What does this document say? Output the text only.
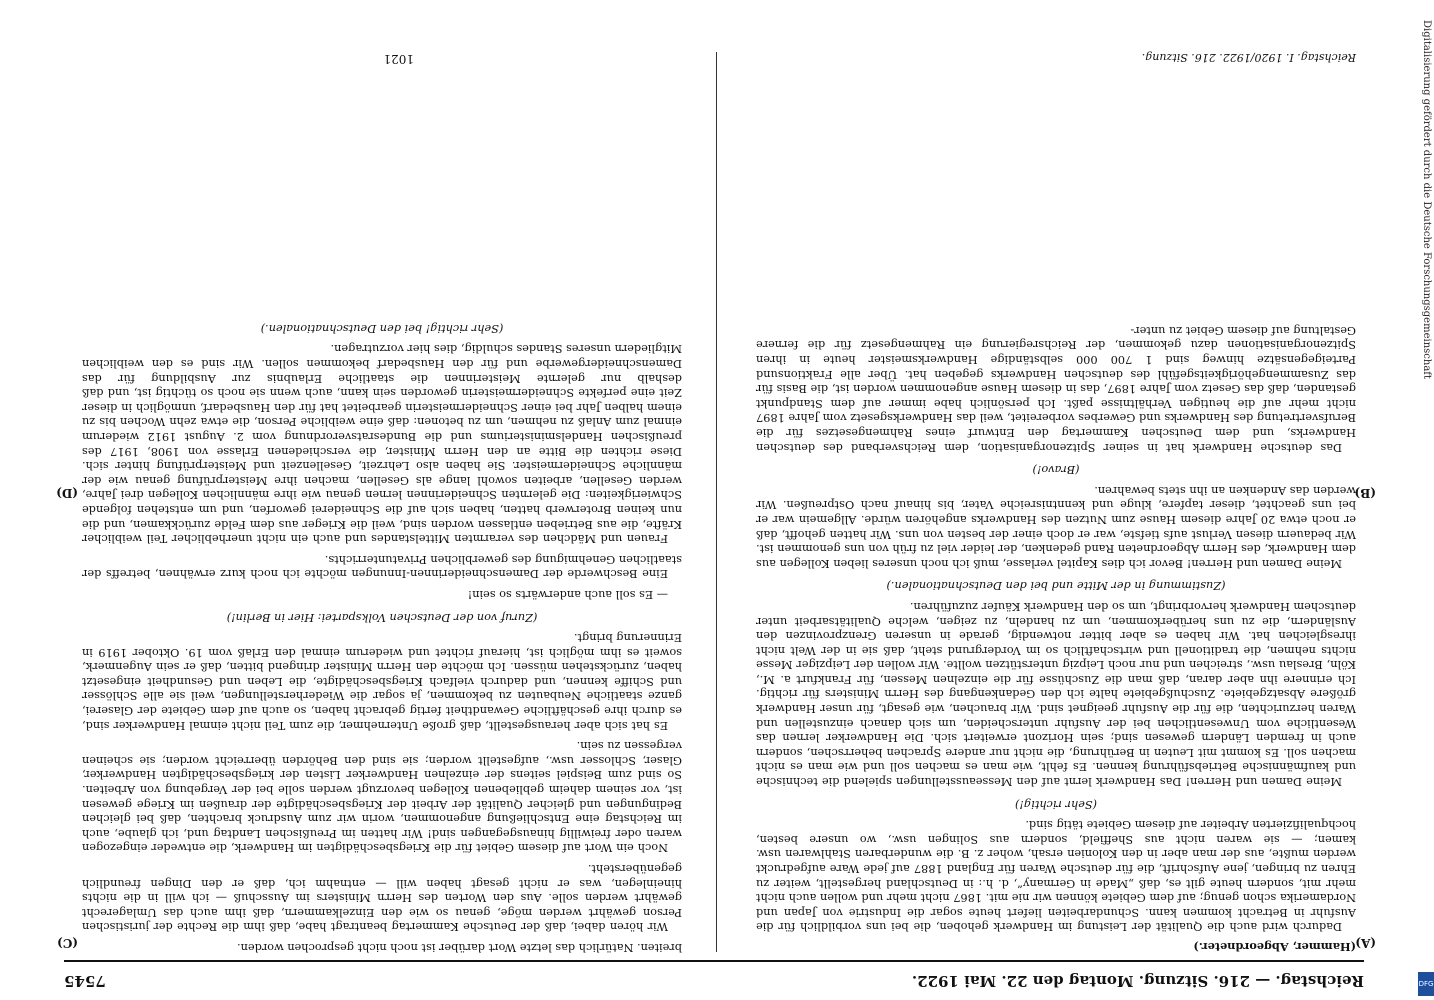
Reichstag. — 216. Sitzung. Montag den 22. Mai 1922.
7545
(A)
(B)
(C)
(D)

(Hammer, Abgeordneter.)

Dadurch wird auch die Qualität der Leistung im Handwerk gehoben, die bei uns vorbildlich für die Ausfuhr in Betracht kommen kann. Schundarbeiten liefert heute sogar die Industrie von Japan und Nordamerika schon genug; auf dem Gebiete können wir nie mit. 1867 nicht mehr und wollen auch nicht mehr mit, sondern heute gilt es, daß „Made in Germany“, d. h.: in Deutschland hergestellt, weiter zu Ehren zu bringen, jene Aufschrift, die für deutsche Waren für England 1887 auf jede Ware aufgedruckt werden mußte, aus der man aber in den Kolonien ersah, woher z. B. die wunderbaren Stahlwaren usw. kamen; — sie waren nicht aus Sheffield, sondern aus Solingen usw., wo unsere besten, hochqualifizierten Arbeiter auf diesem Gebiete tätig sind.

(Sehr richtig!)

Meine Damen und Herren! Das Handwerk lernt auf den Messeausstellungen spielend die technische und kaufmännische Betriebsführung kennen. Es fehlt, wie man es machen soll und wie man es nicht machen soll. Es kommt mit Leuten in Berührung, die nicht nur andere Sprachen beherrschen, sondern auch in fremden Ländern gewesen sind; sein Horizont erweitert sich. Die Handwerker lernen das Wesentliche vom Unwesentlichen bei der Ausfuhr unterscheiden, um sich danach einzustellen und Waren herzurichten, die für die Ausfuhr geeignet sind. Wir brauchen, wie gesagt, für unser Handwerk größere Absatzgebiete. Zuschußgebiete halte ich den Gedankengang des Herrn Ministers für richtig. Ich erinnere ihn aber daran, daß man die Zuschüsse für die einzelnen Messen, für Frankfurt a. M., Köln, Breslau usw., streichen und nur noch Leipzig unterstützen wollte. Wir wollen der Leipziger Messe nichts nehmen, die traditionell und wirtschaftlich so im Vordergrund steht, daß sie in der Welt nicht ihresgleichen hat. Wir haben es aber bitter notwendig, gerade in unseren Grenzprovinzen den Ausländern, die zu uns herüberkommen, um zu handeln, zu zeigen, welche Qualitätsarbeit unter deutschem Handwerk hervorbringt, um so den Handwerk Käufer zuzuführen.

(Zustimmung in der Mitte und bei den Deutschnationalen.)

Meine Damen und Herren! Bevor ich dies Kapitel verlasse, muß ich noch unseres lieben Kollegen aus dem Handwerk, des Herrn Abgeordneten Rand gedenken, der leider viel zu früh von uns genommen ist. Wir bedauern diesen Verlust aufs tiefste, war er doch einer der besten von uns. Wir hatten gehofft, daß er noch etwa 20 Jahre diesem Hause zum Nutzen des Handwerks angehören würde. Allgemein war er bei uns geachtet, dieser tapfere, kluge und kenntnisreiche Vater, bis hinauf nach Ostpreußen. Wir werden das Andenken an ihn stets bewahren.

(Bravo!)

Das deutsche Handwerk hat in seiner Spitzenorganisation, dem Reichsverband des deutschen Handwerks, und dem Deutschen Kammertag den Entwurf eines Rahmengesetzes für die Berufsvertretung des Handwerks und Gewerbes vorbereitet, weil das Handwerksgesetz vom Jahre 1897 nicht mehr auf die heutigen Verhältnisse paßt. Ich persönlich habe immer auf dem Standpunkt gestanden, daß das Gesetz vom Jahre 1897, das in diesem Hause angenommen worden ist, die Basis für das Zusammengehörigkeitsgefühl des deutschen Handwerks gegeben hat. Über alle Fraktionsund Parteigegensätze hinweg sind 1 700 000 selbständige Handwerksmeister heute in ihren Spitzenorganisationen dazu gekommen, der Reichsregierung ein Rahmengesetz für die fernere Gestaltung auf diesem Gebiet zu unter-

breiten. Natürlich das letzte Wort darüber ist noch nicht gesprochen worden.

Wir hören dabei, daß der Deutsche Kammertag beantragt habe, daß ihm die Rechte der juristischen Person gewährt werden möge, genau so wie den Einzelkammern, daß ihm auch das Umlagerecht gewährt werden solle. Aus den Worten des Herrn Ministers im Ausschuß — ich will in die nichts hineinlegen, was er nicht gesagt haben will — entnahm ich, daß er den Dingen freundlich gegenübersteht.

Noch ein Wort auf diesem Gebiet für die Kriegsbeschädigten im Handwerk, die entweder eingezogen waren oder freiwillig hinausgegangen sind! Wir hatten im Preußischen Landtag und, ich glaube, auch im Reichstag eine Entschließung angenommen, worin wir zum Ausdruck brachten, daß bei gleichen Bedingungen und gleicher Qualität der Arbeit der Kriegsbeschädigte der draußen im Kriege gewesen ist, vor seinem daheim gebliebenen Kollegen bevorzugt werden solle bei der Vergebung von Arbeiten. So sind zum Beispiel seitens der einzelnen Handwerker Listen der kriegsbeschädigten Handwerker, Glaser, Schlosser usw., aufgestellt worden; sie sind den Behörden überreicht worden; sie scheinen vergessen zu sein.

Es hat sich aber herausgestellt, daß große Unternehmer, die zum Teil nicht einmal Handwerker sind, es durch ihre geschäftliche Gewandtheit fertig gebracht haben, so auch auf dem Gebiete der Glaserei, ganze staatliche Neubauten zu bekommen, ja sogar die Wiederherstellungen, weil sie alle Schlösser und Schiffe kennen, und dadurch vielfach Kriegsbeschädigte, die Leben und Gesundheit eingesetzt haben, zurückstehen müssen. Ich möchte den Herrn Minister dringend bitten, daß er sein Augenmerk, soweit es ihm möglich ist, hierauf richtet und wiederum einmal den Erlaß vom 19. Oktober 1919 in Erinnerung bringt.

(Zuruf von der Deutschen Volkspartei: Hier in Berlin!)

— Es soll auch anderwärts so sein!

Eine Beschwerde der Damenschneiderinnen-Innungen möchte ich noch kurz erwähnen, betreffs der staatlichen Genehmigung des gewerblichen Privatunterrichts.

Frauen und Mädchen des verarmten Mittelstandes und auch ein nicht unerheblicher Teil weiblicher Kräfte, die aus Betrieben entlassen worden sind, weil die Krieger aus dem Felde zurückkamen, und die nun keinen Broterwerb hatten, haben sich auf die Schneiderei geworfen, und um entstehen folgende Schwierigkeiten: Die gelernten Schneiderinnen lernen genau wie ihre männlichen Kollegen drei Jahre, werden Gesellen, arbeiten sowohl lange als Gesellen, machen ihre Meisterprüfung genau wie der männliche Schneidermeister. Sie haben also Lehrzeit, Gesellenzeit und Meisterprüfung hinter sich. Diese richten die Bitte an den Herrn Minister, die verschiedenen Erlasse von 1908, 1917 des preußischen Handelsministeriums und die Bundesratsverordnung vom 2. August 1912 wiederum einmal zum Anlaß zu nehmen, um zu betonen: daß eine weibliche Person, die etwa zehn Wochen bis zu einem halben Jahr bei einer Schneidermeisterin gearbeitet hat für den Hausbedarf, unmöglich in dieser Zeit eine perfekte Schneidermeisterin geworden sein kann, auch wenn sie noch so tüchtig ist, und daß deshalb nur gelernte Meisterinnen die staatliche Erlaubnis zur Ausbildung für das Damenschneidergewerbe und für den Hausbedarf bekommen sollen. Wir sind es den weiblichen Mitgliedern unseres Standes schuldig, dies hier vorzutragen.

(Sehr richtig! bei den Deutschnationalen.)

Reichstag. I. 1920/1922. 216. Sitzung.
1021	Digitalisierung gefördert durch die Deutsche Forschungsgemeinschaft
DFG
